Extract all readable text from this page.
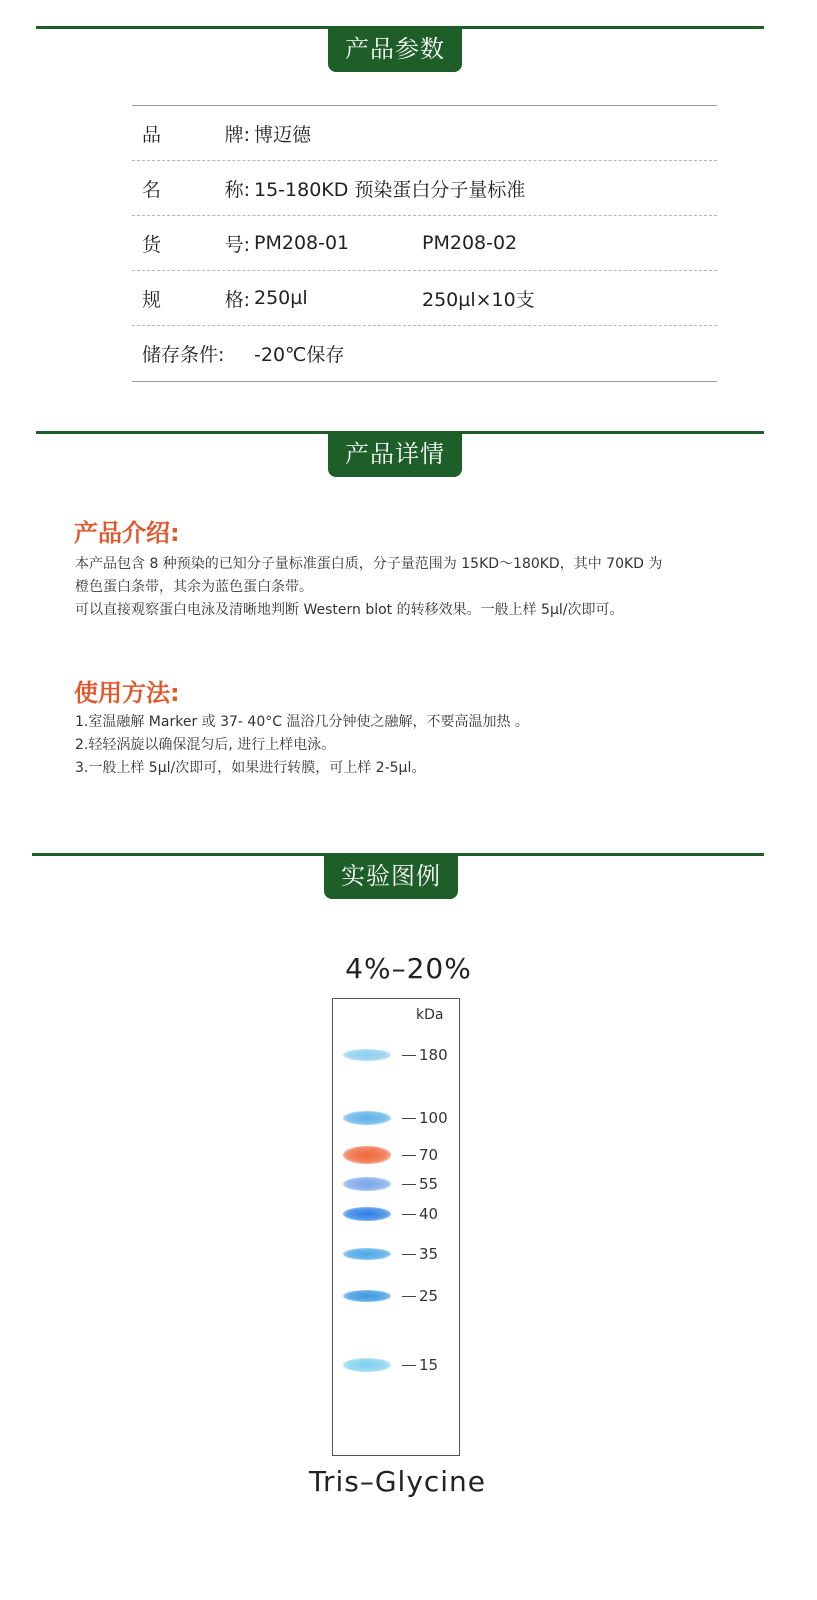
产品参数
品	牌: 博迈德
名	称: 15-180KD 预染蛋白分子量标准
货	号: PM208-01	PM208-02
规	格: 250µl	250µl×10支
储存条件: -20℃保存
产品详情
产品介绍:
本产品包含 8 种预染的已知分子量标准蛋白质，分子量范围为 15KD～180KD，其中 70KD 为
橙色蛋白条带，其余为蓝色蛋白条带。
可以直接观察蛋白电泳及清晰地判断 Western blot 的转移效果。一般上样 5μl/次即可。
使用方法:
1.室温融解 Marker 或 37- 40°C 温浴几分钟使之融解，不要高温加热 。
2.轻轻涡旋以确保混匀后, 进行上样电泳。
3.一般上样 5μl/次即可，如果进行转膜，可上样 2-5μl。
实验图例
4%–20%
kDa
180
100
70
55
40
35
25
15
Tris–Glycine
